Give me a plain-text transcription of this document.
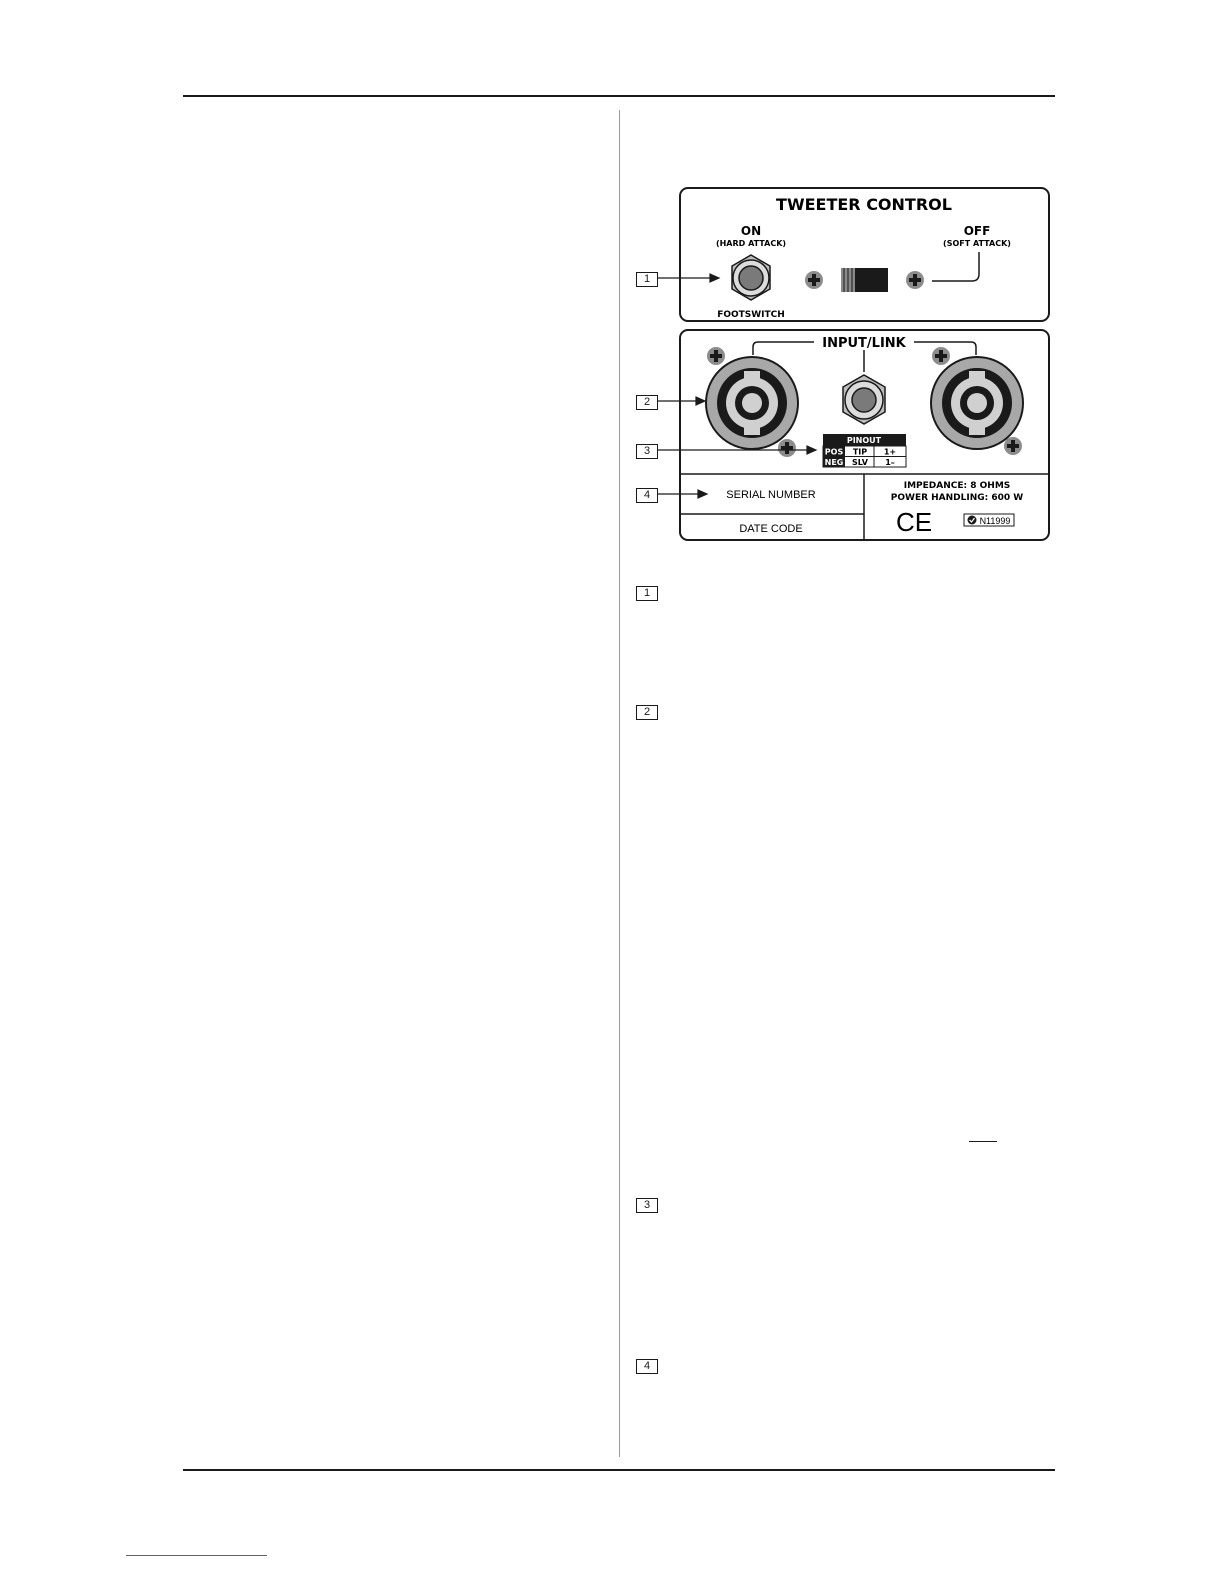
TWEETER CONTROL
ON
(HARD ATTACK)
OFF
(SOFT ATTACK)
FOOTSWITCH
INPUT/LINK
PINOUT
POS TIP 1+
NEG SLV 1–
SERIAL NUMBER
DATE CODE
IMPEDANCE: 8 OHMS
POWER HANDLING: 600 W
CE	N11999
1
2
3
4
1
2
3
4
